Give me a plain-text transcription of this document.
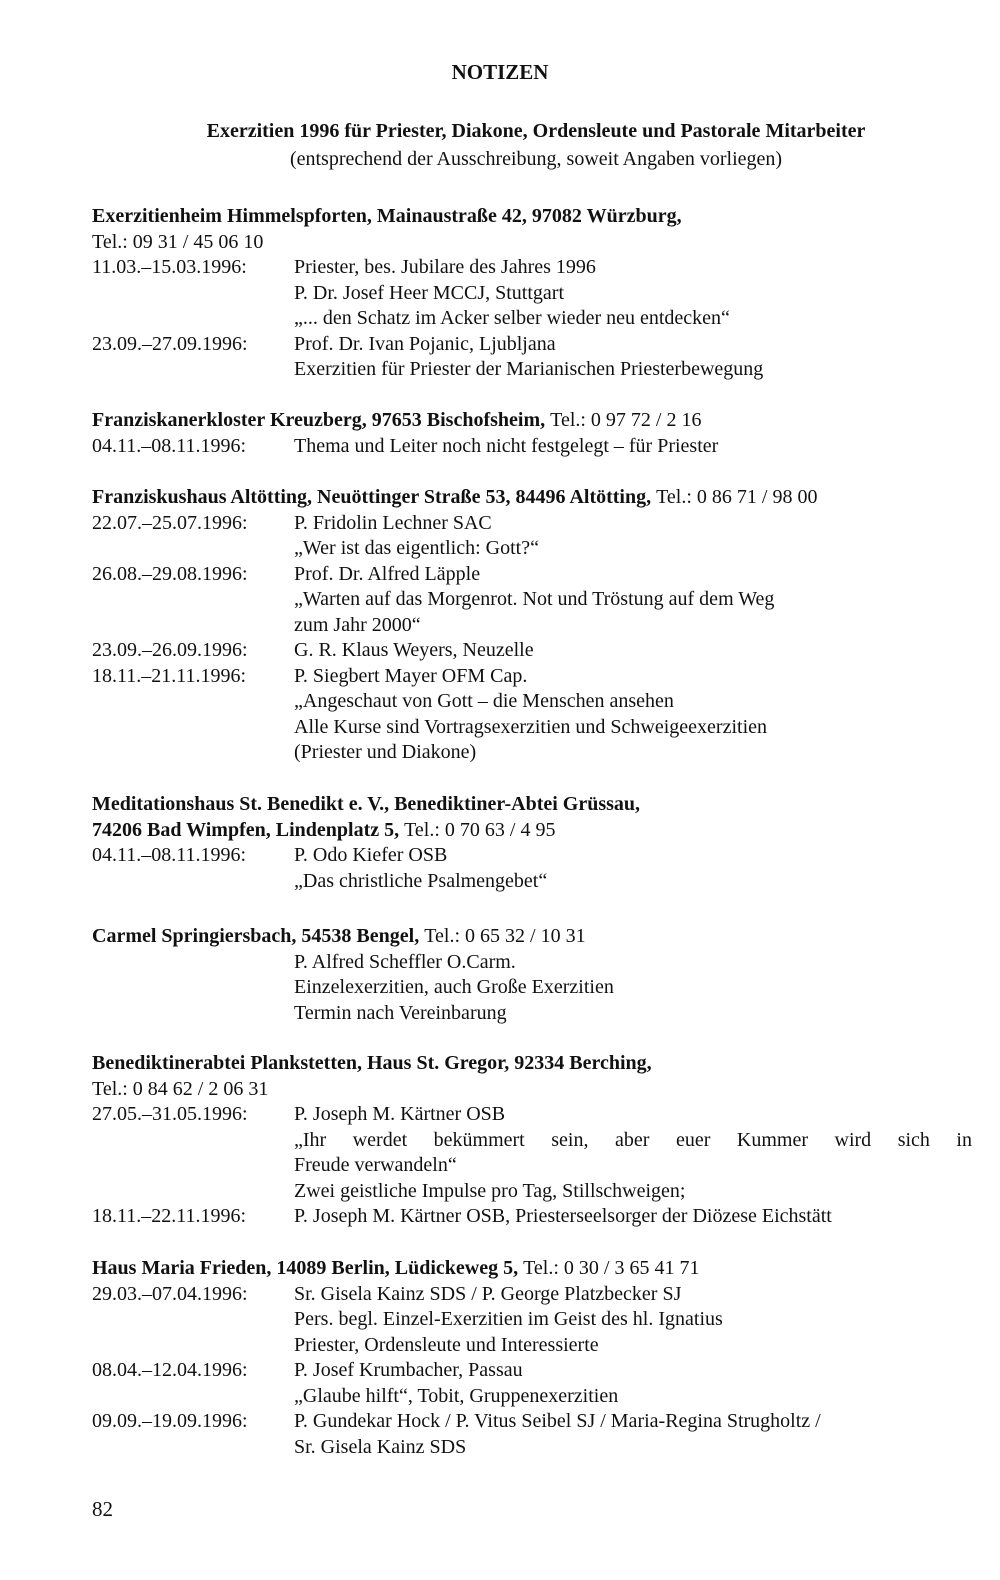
NOTIZEN
Exerzitien 1996 für Priester, Diakone, Ordensleute und Pastorale Mitarbeiter
(entsprechend der Ausschreibung, soweit Angaben vorliegen)
Exerzitienheim Himmelspforten, Mainaustraße 42, 97082 Würzburg,
Tel.: 09 31 / 45 06 10
11.03.–15.03.1996:	Priester, bes. Jubilare des Jahres 1996
P. Dr. Josef Heer MCCJ, Stuttgart
„... den Schatz im Acker selber wieder neu entdecken“
23.09.–27.09.1996:	Prof. Dr. Ivan Pojanic, Ljubljana
Exerzitien für Priester der Marianischen Priesterbewegung
Franziskanerkloster Kreuzberg, 97653 Bischofsheim, Tel.: 0 97 72 / 2 16
04.11.–08.11.1996:	Thema und Leiter noch nicht festgelegt – für Priester
Franziskushaus Altötting, Neuöttinger Straße 53, 84496 Altötting, Tel.: 0 86 71 / 98 00
22.07.–25.07.1996:	P. Fridolin Lechner SAC
„Wer ist das eigentlich: Gott?“
26.08.–29.08.1996:	Prof. Dr. Alfred Läpple
„Warten auf das Morgenrot. Not und Tröstung auf dem Weg
zum Jahr 2000“
23.09.–26.09.1996:	G. R. Klaus Weyers, Neuzelle
18.11.–21.11.1996:	P. Siegbert Mayer OFM Cap.
„Angeschaut von Gott – die Menschen ansehen
Alle Kurse sind Vortragsexerzitien und Schweigeexerzitien
(Priester und Diakone)
Meditationshaus St. Benedikt e. V., Benediktiner-Abtei Grüssau,
74206 Bad Wimpfen, Lindenplatz 5, Tel.: 0 70 63 / 4 95
04.11.–08.11.1996:	P. Odo Kiefer OSB
„Das christliche Psalmengebet“
Carmel Springiersbach, 54538 Bengel, Tel.: 0 65 32 / 10 31
P. Alfred Scheffler O.Carm.
Einzelexerzitien, auch Große Exerzitien
Termin nach Vereinbarung
Benediktinerabtei Plankstetten, Haus St. Gregor, 92334 Berching,
Tel.: 0 84 62 / 2 06 31
27.05.–31.05.1996:	P. Joseph M. Kärtner OSB
„Ihr werdet bekümmert sein, aber euer Kummer wird sich in
Freude verwandeln“
Zwei geistliche Impulse pro Tag, Stillschweigen;
18.11.–22.11.1996:	P. Joseph M. Kärtner OSB, Priesterseelsorger der Diözese Eichstätt
Haus Maria Frieden, 14089 Berlin, Lüdickeweg 5, Tel.: 0 30 / 3 65 41 71
29.03.–07.04.1996:	Sr. Gisela Kainz SDS / P. George Platzbecker SJ
Pers. begl. Einzel-Exerzitien im Geist des hl. Ignatius
Priester, Ordensleute und Interessierte
08.04.–12.04.1996:	P. Josef Krumbacher, Passau
„Glaube hilft“, Tobit, Gruppenexerzitien
09.09.–19.09.1996:	P. Gundekar Hock / P. Vitus Seibel SJ / Maria-Regina Strugholtz /
Sr. Gisela Kainz SDS
82
